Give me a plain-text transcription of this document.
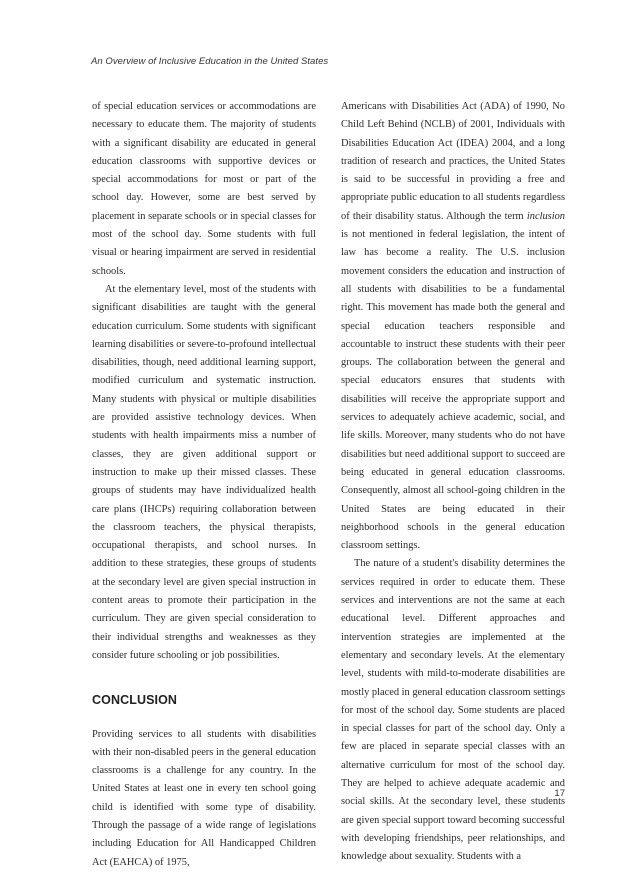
An Overview of Inclusive Education in the United States

of special education services or accommodations are necessary to educate them. The majority of students with a significant disability are educated in general education classrooms with supportive devices or special accommodations for most or part of the school day. However, some are best served by placement in separate schools or in special classes for most of the school day. Some students with full visual or hearing impairment are served in residential schools.

At the elementary level, most of the students with significant disabilities are taught with the general education curriculum. Some students with significant learning disabilities or severe-to-profound intellectual disabilities, though, need additional learning support, modified curriculum and systematic instruction. Many students with physical or multiple disabilities are provided assistive technology devices. When students with health impairments miss a number of classes, they are given additional support or instruction to make up their missed classes. These groups of students may have individualized health care plans (IHCPs) requiring collaboration between the classroom teachers, the physical therapists, occupational therapists, and school nurses. In addition to these strategies, these groups of students at the secondary level are given special instruction in content areas to promote their participation in the curriculum. They are given special consideration to their individual strengths and weaknesses as they consider future schooling or job possibilities.

CONCLUSION

Providing services to all students with disabilities with their non-disabled peers in the general education classrooms is a challenge for any country. In the United States at least one in every ten school going child is identified with some type of disability. Through the passage of a wide range of legislations including Education for All Handicapped Children Act (EAHCA) of 1975,

Americans with Disabilities Act (ADA) of 1990, No Child Left Behind (NCLB) of 2001, Individuals with Disabilities Education Act (IDEA) 2004, and a long tradition of research and practices, the United States is said to be successful in providing a free and appropriate public education to all students regardless of their disability status. Although the term inclusion is not mentioned in federal legislation, the intent of law has become a reality. The U.S. inclusion movement considers the education and instruction of all students with disabilities to be a fundamental right. This movement has made both the general and special education teachers responsible and accountable to instruct these students with their peer groups. The collaboration between the general and special educators ensures that students with disabilities will receive the appropriate support and services to adequately achieve academic, social, and life skills. Moreover, many students who do not have disabilities but need additional support to succeed are being educated in general education classrooms. Consequently, almost all school-going children in the United States are being educated in their neighborhood schools in the general education classroom settings.

The nature of a student's disability determines the services required in order to educate them. These services and interventions are not the same at each educational level. Different approaches and intervention strategies are implemented at the elementary and secondary levels. At the elementary level, students with mild-to-moderate disabilities are mostly placed in general education classroom settings for most of the school day. Some students are placed in special classes for part of the school day. Only a few are placed in separate special classes with an alternative curriculum for most of the school day. They are helped to achieve adequate academic and social skills. At the secondary level, these students are given special support toward becoming successful with developing friendships, peer relationships, and knowledge about sexuality. Students with a

17
